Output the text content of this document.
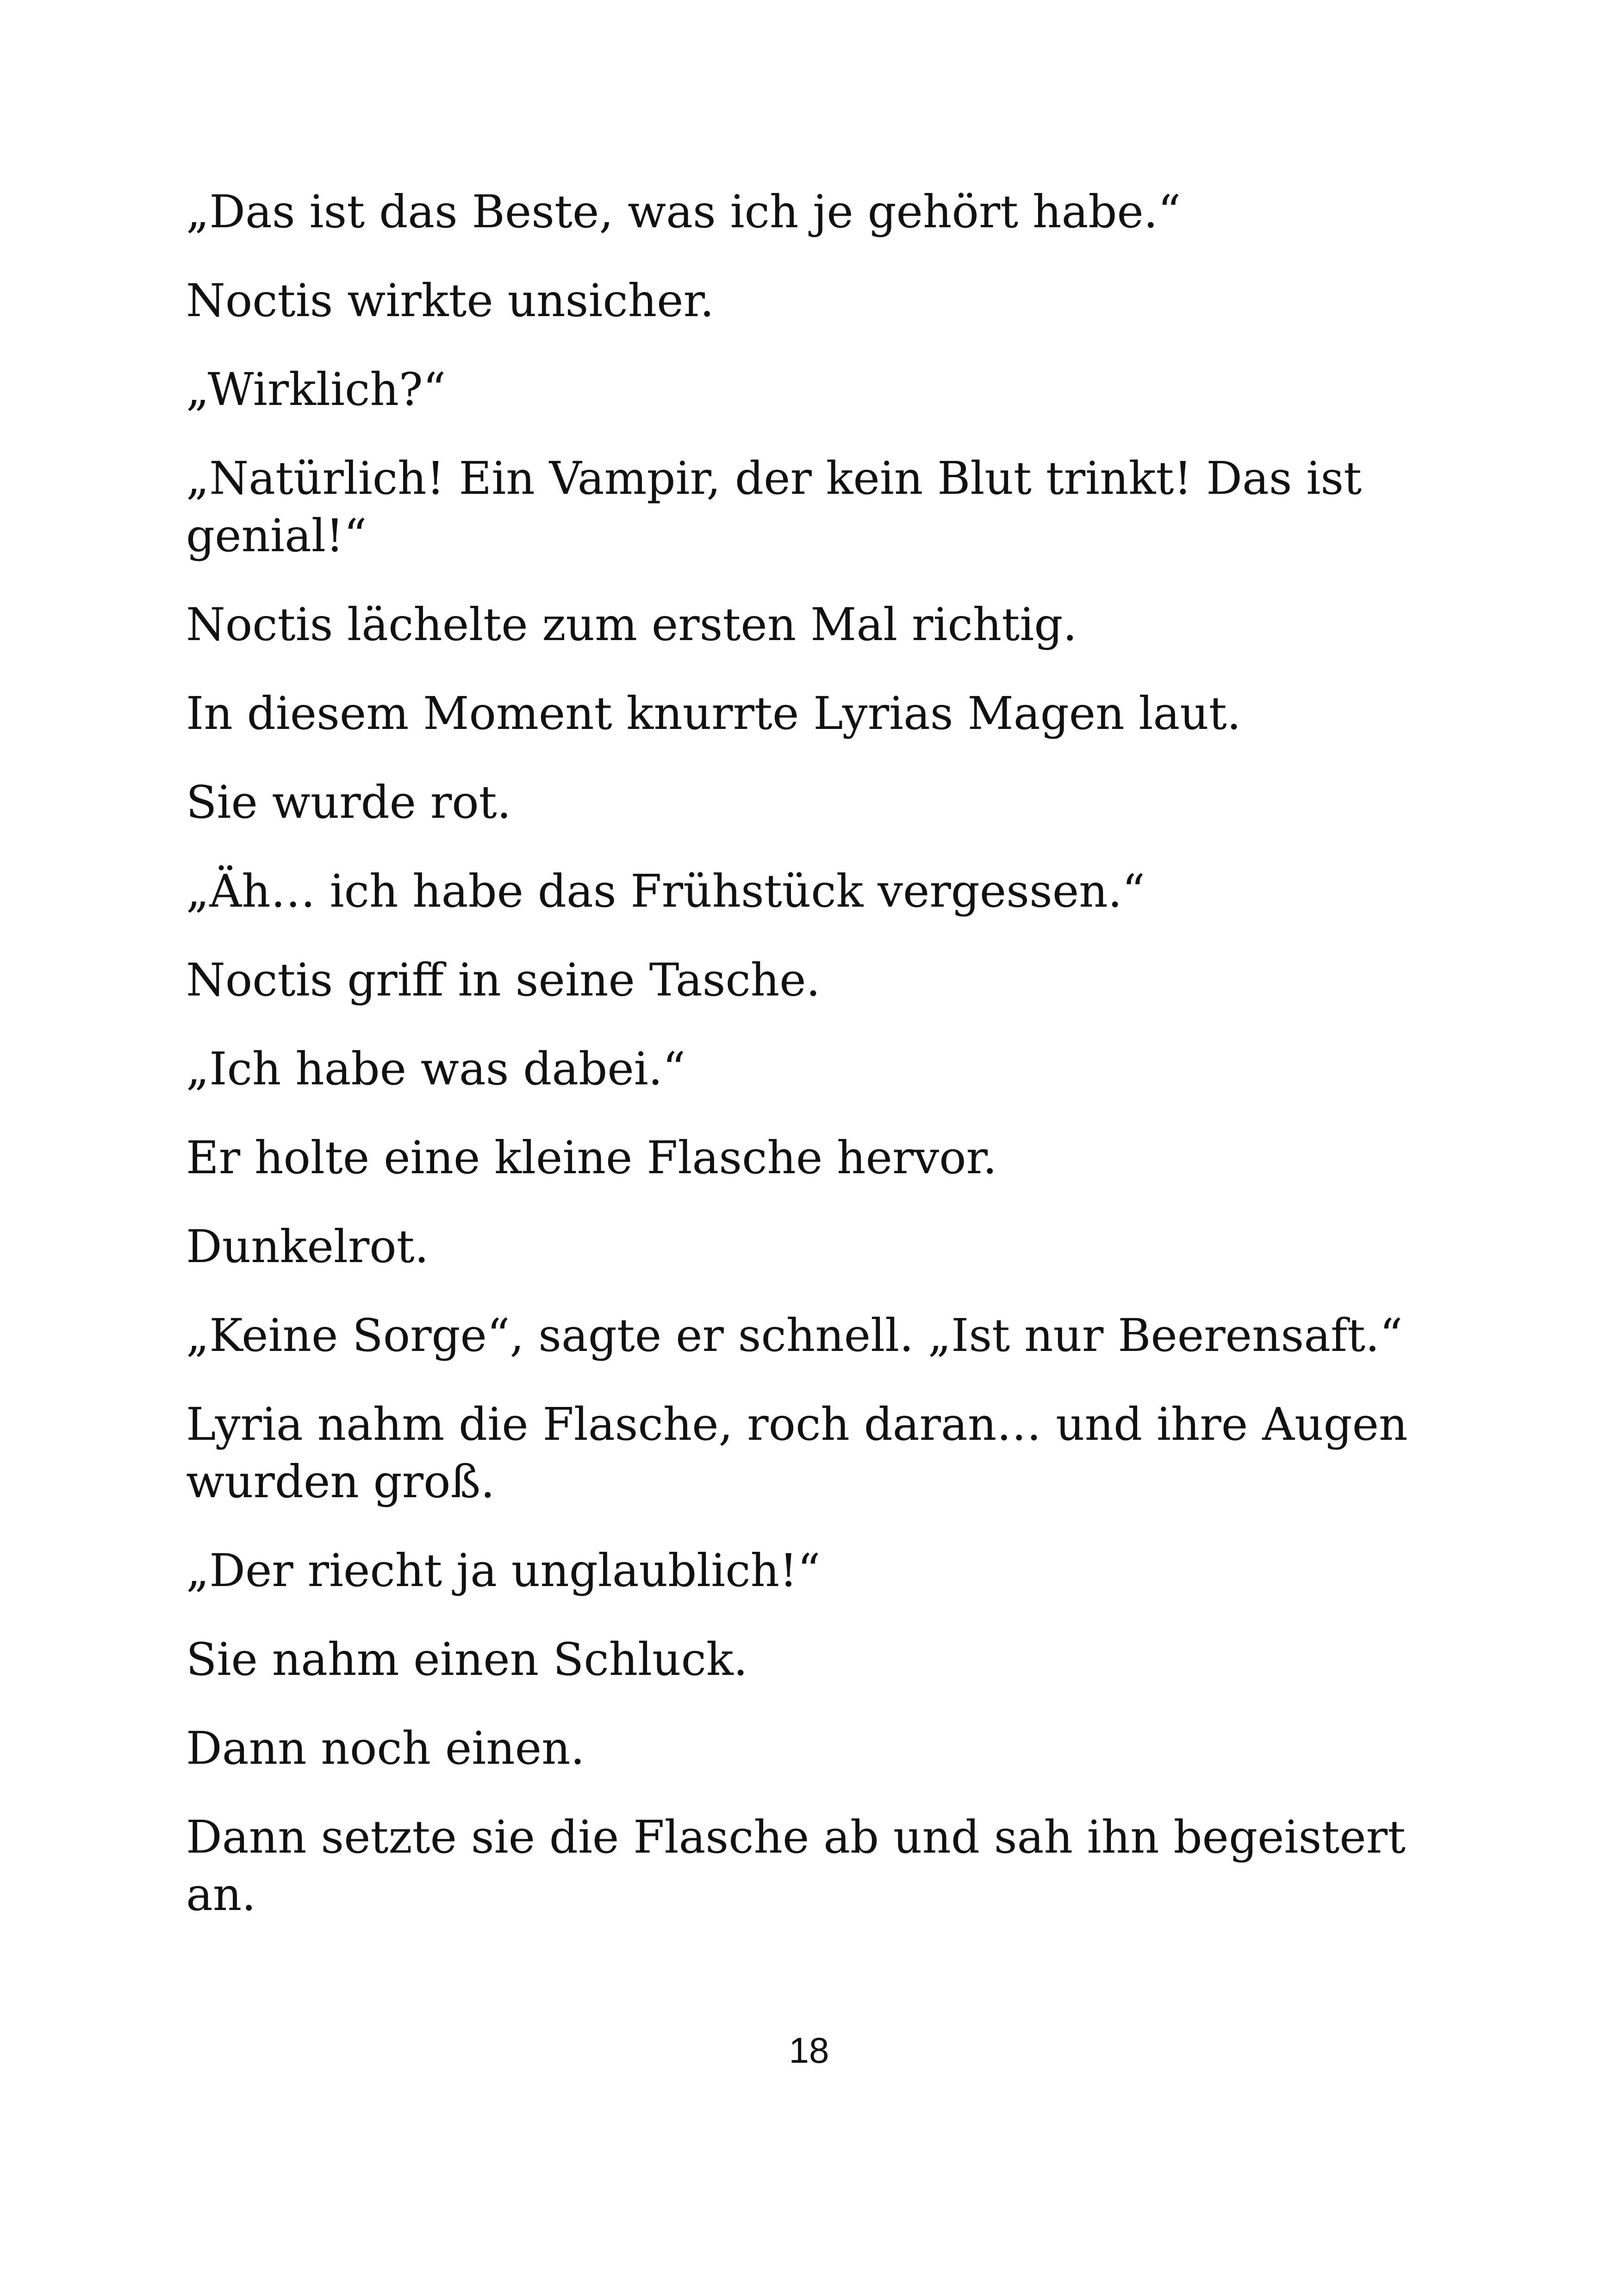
„Das ist das Beste, was ich je gehört habe.“

Noctis wirkte unsicher.

„Wirklich?“

„Natürlich! Ein Vampir, der kein Blut trinkt! Das ist genial!“

Noctis lächelte zum ersten Mal richtig.

In diesem Moment knurrte Lyrias Magen laut.

Sie wurde rot.

„Äh… ich habe das Frühstück vergessen.“

Noctis griff in seine Tasche.

„Ich habe was dabei.“

Er holte eine kleine Flasche hervor.

Dunkelrot.

„Keine Sorge“, sagte er schnell. „Ist nur Beerensaft.“

Lyria nahm die Flasche, roch daran… und ihre Augen wurden groß.

„Der riecht ja unglaublich!“

Sie nahm einen Schluck.

Dann noch einen.

Dann setzte sie die Flasche ab und sah ihn begeistert an.

18
